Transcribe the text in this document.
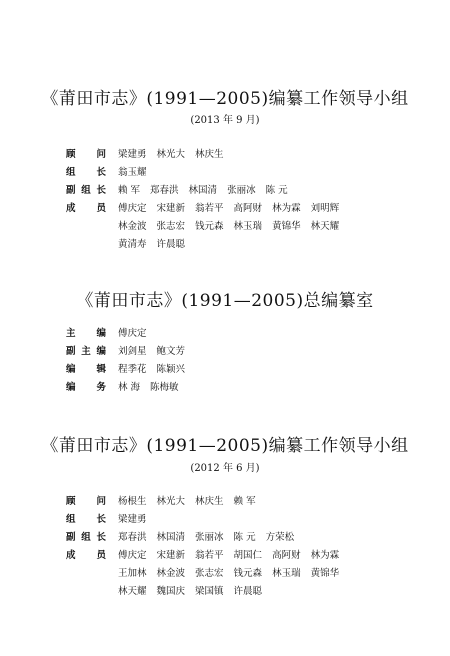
《莆田市志》(1991—2005)编纂工作领导小组
(2013 年 9 月)
顾 问 梁建勇 林光大 林庆生
组 长 翁玉耀
副组长 赖 军 郑春洪 林国清 张丽冰 陈 元
成 员 傅庆定 宋建新 翁若平 高阿财 林为霖 刘明辉
林金波 张志宏 钱元森 林玉瑞 黄锦华 林天耀
黄清寿 许晨聪
《莆田市志》(1991—2005)总编纂室
主 编 傅庆定
副主编 刘剑星 鲍文芳
编 辑 程季花 陈颖兴
编 务 林 海 陈梅敏
《莆田市志》(1991—2005)编纂工作领导小组
(2012 年 6 月)
顾 问 杨根生 林光大 林庆生 赖 军
组 长 梁建勇
副组长 郑春洪 林国清 张丽冰 陈 元 方荣松
成 员 傅庆定 宋建新 翁若平 胡国仁 高阿财 林为霖
王加林 林金波 张志宏 钱元森 林玉瑞 黄锦华
林天耀 魏国庆 梁国镇 许晨聪
